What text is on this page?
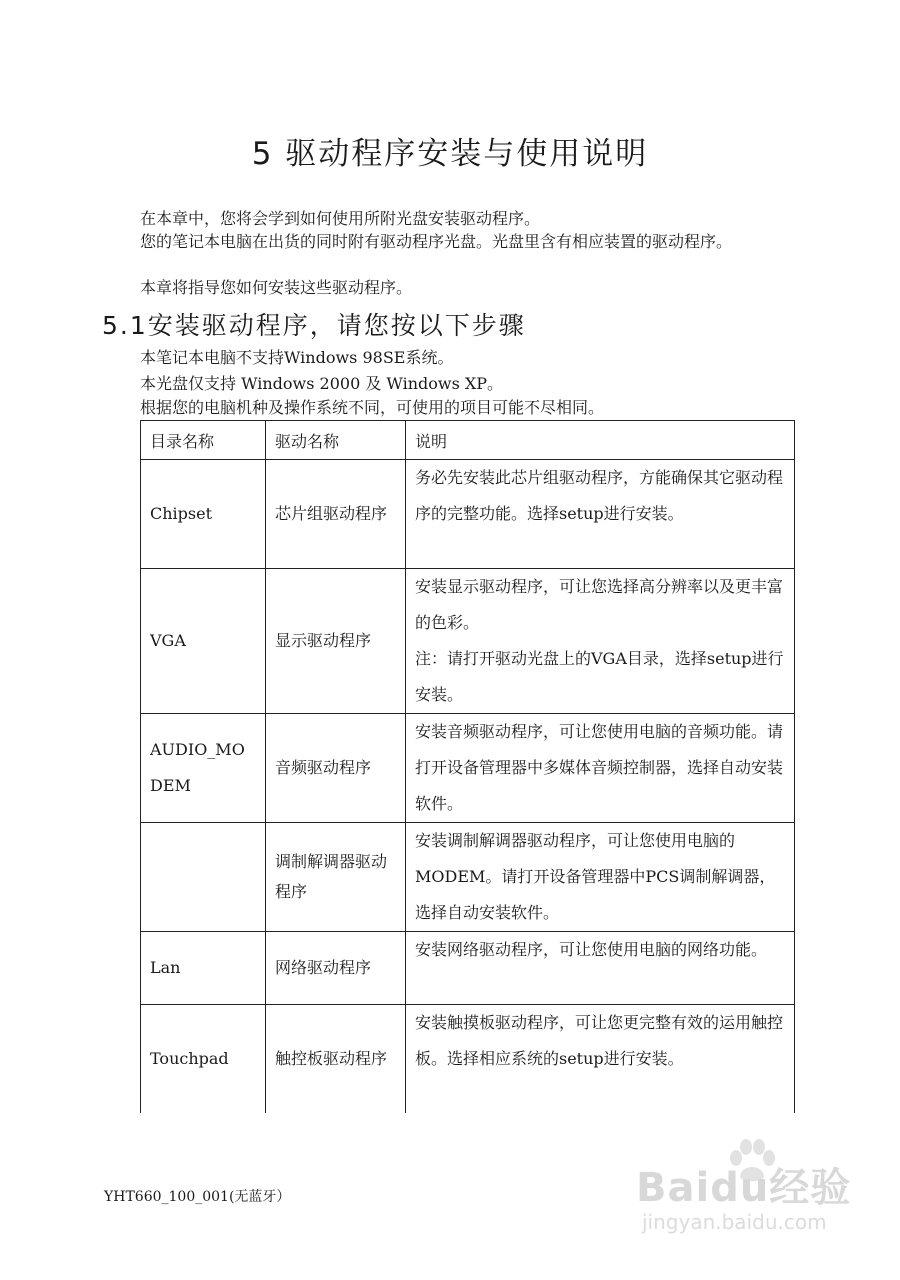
5 驱动程序安装与使用说明
在本章中，您将会学到如何使用所附光盘安装驱动程序。
您的笔记本电脑在出货的同时附有驱动程序光盘。光盘里含有相应装置的驱动程序。
本章将指导您如何安装这些驱动程序。
5.1安装驱动程序，请您按以下步骤
本笔记本电脑不支持Windows 98SE系统。
本光盘仅支持 Windows 2000 及 Windows XP。
根据您的电脑机种及操作系统不同，可使用的项目可能不尽相同。
目录名称	驱动名称	说明
Chipset	芯片组驱动程序	务必先安装此芯片组驱动程序，方能确保其它驱动程序的完整功能。选择setup进行安装。
VGA	显示驱动程序	安装显示驱动程序，可让您选择高分辨率以及更丰富的色彩。
注：请打开驱动光盘上的VGA目录，选择setup进行安装。

AUDIO_MODEM	音频驱动程序	安装音频驱动程序，可让您使用电脑的音频功能。请打开设备管理器中多媒体音频控制器，选择自动安装软件。
	调制解调器驱动程序	安装调制解调器驱动程序，可让您使用电脑的MODEM。请打开设备管理器中PCS调制解调器，选择自动安装软件。
Lan	网络驱动程序	安装网络驱动程序，可让您使用电脑的网络功能。
Touchpad	触控板驱动程序	安装触摸板驱动程序，可让您更完整有效的运用触控板。选择相应系统的setup进行安装。
YHT660_100_001(无蓝牙）	Baidu经验
jingyan.baidu.com
